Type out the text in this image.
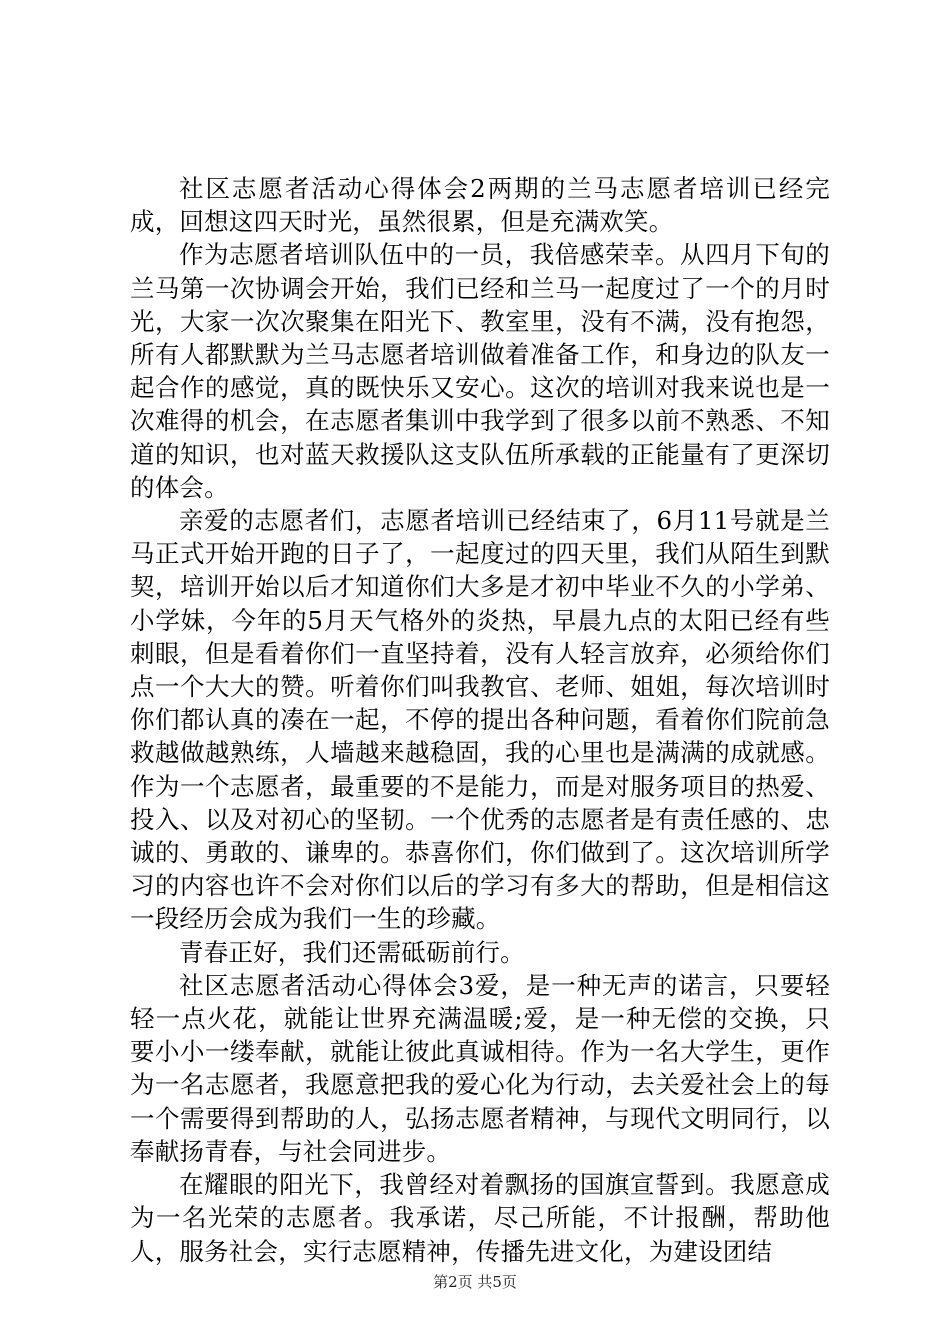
社区志愿者活动心得体会2两期的兰马志愿者培训已经完成，回想这四天时光，虽然很累，但是充满欢笑。

作为志愿者培训队伍中的一员，我倍感荣幸。从四月下旬的兰马第一次协调会开始，我们已经和兰马一起度过了一个的月时光，大家一次次聚集在阳光下、教室里，没有不满，没有抱怨，所有人都默默为兰马志愿者培训做着准备工作，和身边的队友一起合作的感觉，真的既快乐又安心。这次的培训对我来说也是一次难得的机会，在志愿者集训中我学到了很多以前不熟悉、不知道的知识，也对蓝天救援队这支队伍所承载的正能量有了更深切的体会。

亲爱的志愿者们，志愿者培训已经结束了，6月11号就是兰马正式开始开跑的日子了，一起度过的四天里，我们从陌生到默契，培训开始以后才知道你们大多是才初中毕业不久的小学弟、小学妹，今年的5月天气格外的炎热，早晨九点的太阳已经有些刺眼，但是看着你们一直坚持着，没有人轻言放弃，必须给你们点一个大大的赞。听着你们叫我教官、老师、姐姐，每次培训时你们都认真的凑在一起，不停的提出各种问题，看着你们院前急救越做越熟练，人墙越来越稳固，我的心里也是满满的成就感。作为一个志愿者，最重要的不是能力，而是对服务项目的热爱、投入、以及对初心的坚韧。一个优秀的志愿者是有责任感的、忠诚的、勇敢的、谦卑的。恭喜你们，你们做到了。这次培训所学习的内容也许不会对你们以后的学习有多大的帮助，但是相信这一段经历会成为我们一生的珍藏。

青春正好，我们还需砥砺前行。

社区志愿者活动心得体会3爱，是一种无声的诺言，只要轻轻一点火花，就能让世界充满温暖;爱，是一种无偿的交换，只要小小一缕奉献，就能让彼此真诚相待。作为一名大学生，更作为一名志愿者，我愿意把我的爱心化为行动，去关爱社会上的每一个需要得到帮助的人，弘扬志愿者精神，与现代文明同行，以奉献扬青春，与社会同进步。

在耀眼的阳光下，我曾经对着飘扬的国旗宣誓到。我愿意成为一名光荣的志愿者。我承诺，尽己所能，不计报酬，帮助他人，服务社会，实行志愿精神，传播先进文化，为建设团结

第2页 共5页
